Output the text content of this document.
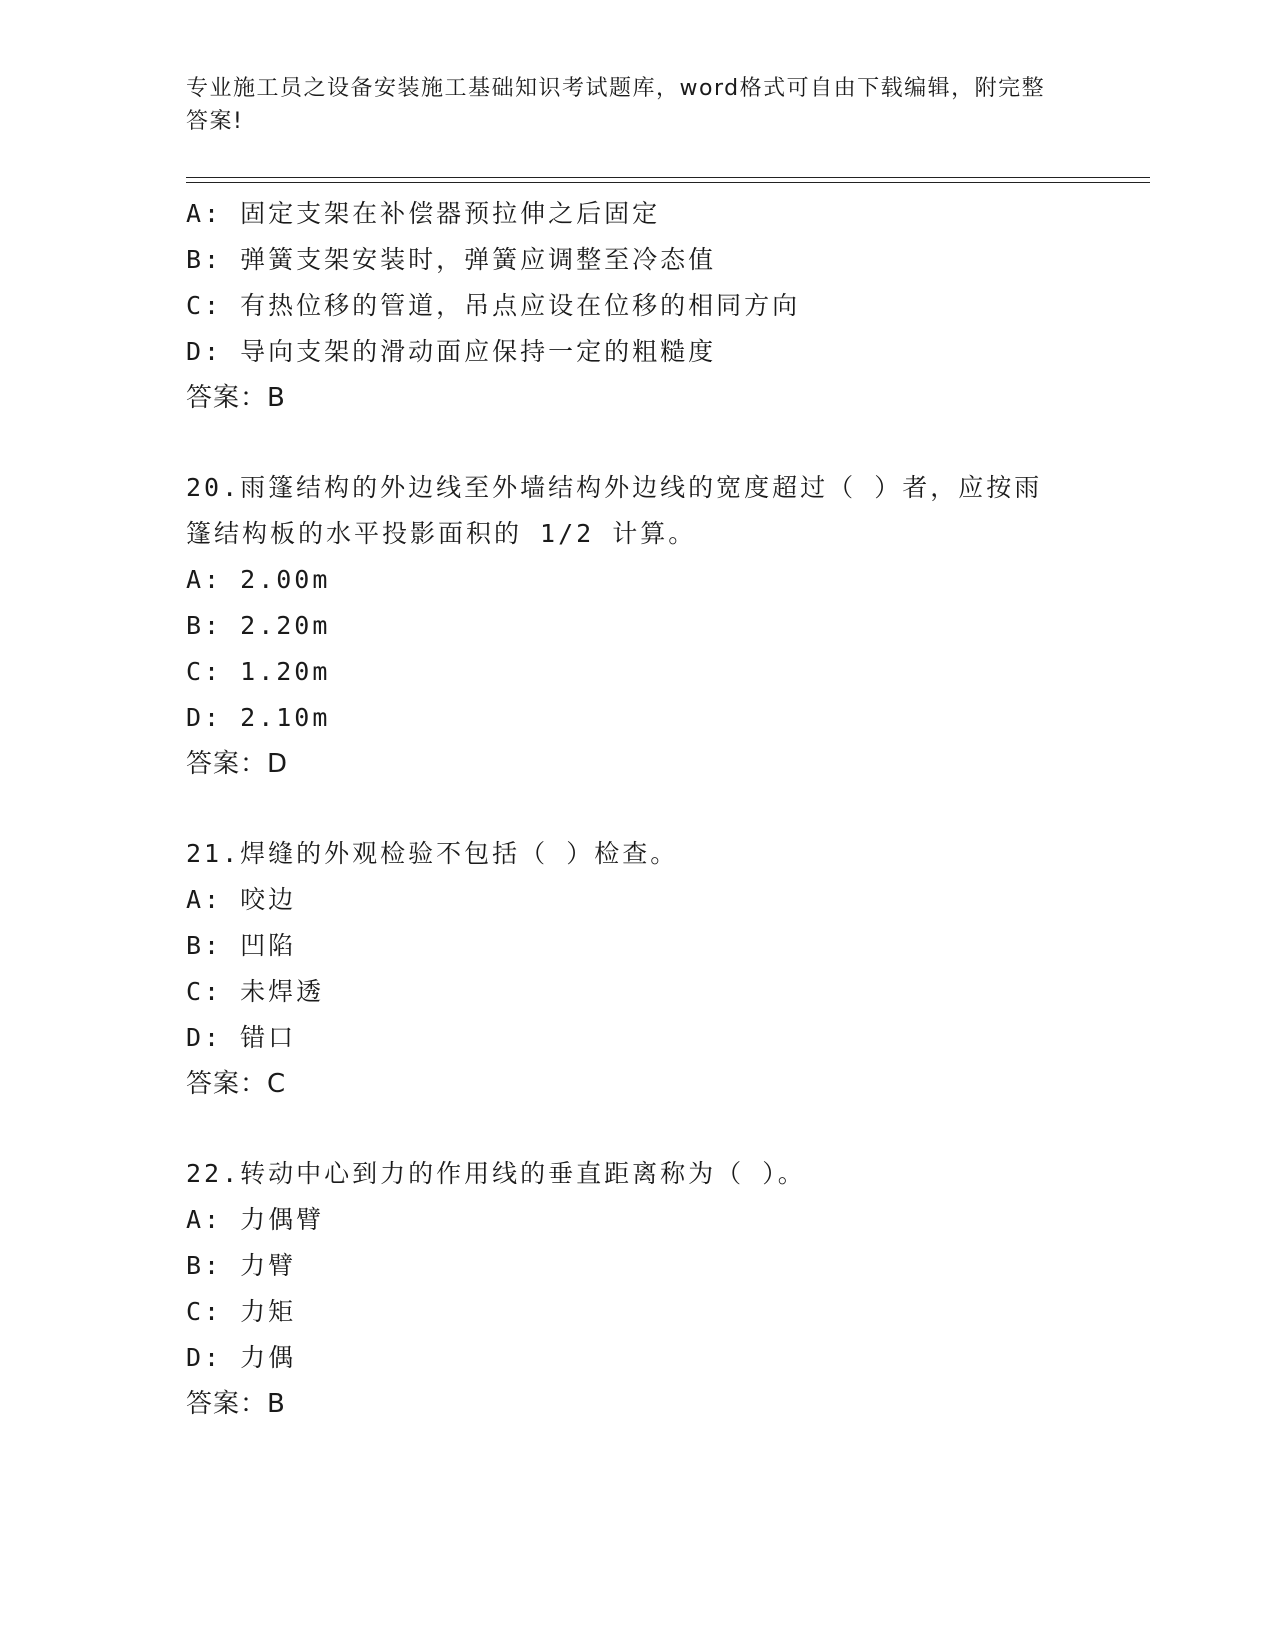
专业施工员之设备安装施工基础知识考试题库，word格式可自由下载编辑，附完整答案!
A: 固定支架在补偿器预拉伸之后固定
B: 弹簧支架安装时，弹簧应调整至冷态值
C: 有热位移的管道，吊点应设在位移的相同方向
D: 导向支架的滑动面应保持一定的粗糙度
答案：B
20.雨篷结构的外边线至外墙结构外边线的宽度超过（ ）者，应按雨篷结构板的水平投影面积的 1/2 计算。
A: 2.00m
B: 2.20m
C: 1.20m
D: 2.10m
答案：D
21.焊缝的外观检验不包括（ ）检查。
A: 咬边
B: 凹陷
C: 未焊透
D: 错口
答案：C
22.转动中心到力的作用线的垂直距离称为（ ）。
A: 力偶臂
B: 力臂
C: 力矩
D: 力偶
答案：B
